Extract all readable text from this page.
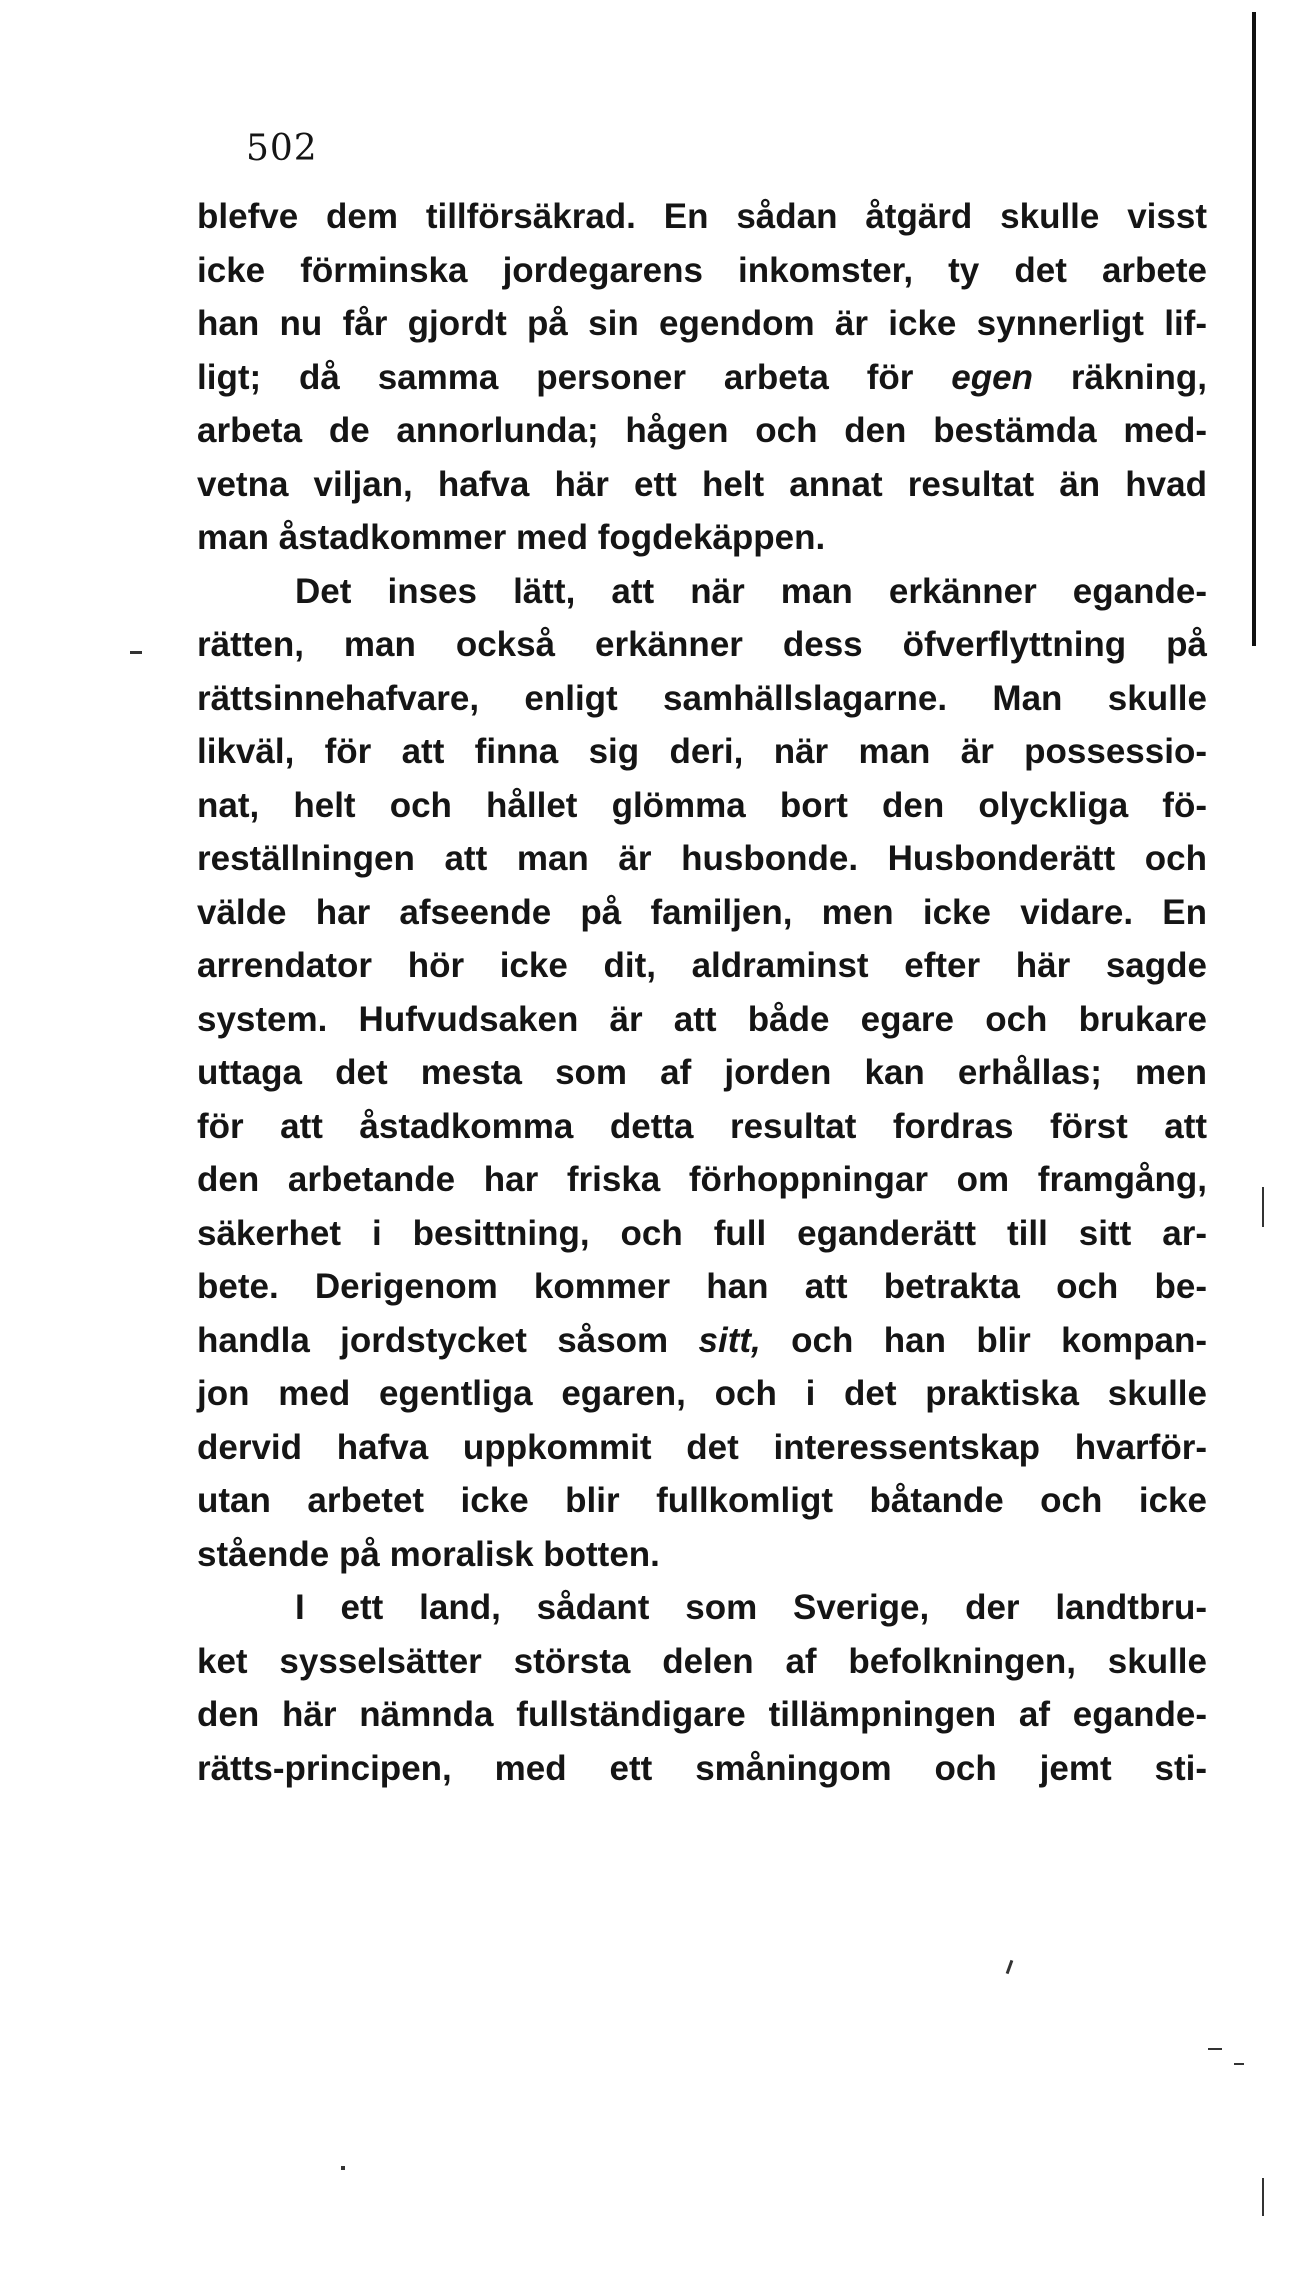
502
blefve dem tillförsäkrad. En sådan åtgärd skulle visst
icke förminska jordegarens inkomster, ty det arbete
han nu får gjordt på sin egendom är icke synnerligt lif-
ligt; då samma personer arbeta för egen räkning,
arbeta de annorlunda; hågen och den bestämda med-
vetna viljan, hafva här ett helt annat resultat än hvad
man åstadkommer med fogdekäppen.
Det inses lätt, att när man erkänner egande-
rätten, man också erkänner dess öfverflyttning på
rättsinnehafvare, enligt samhällslagarne. Man skulle
likväl, för att finna sig deri, när man är possessio-
nat, helt och hållet glömma bort den olyckliga fö-
reställningen att man är husbonde. Husbonderätt och
välde har afseende på familjen, men icke vidare. En
arrendator hör icke dit, aldraminst efter här sagde
system. Hufvudsaken är att både egare och brukare
uttaga det mesta som af jorden kan erhållas; men
för att åstadkomma detta resultat fordras först att
den arbetande har friska förhoppningar om framgång,
säkerhet i besittning, och full eganderätt till sitt ar-
bete. Derigenom kommer han att betrakta och be-
handla jordstycket såsom sitt, och han blir kompan-
jon med egentliga egaren, och i det praktiska skulle
dervid hafva uppkommit det interessentskap hvarför-
utan arbetet icke blir fullkomligt båtande och icke
stående på moralisk botten.
I ett land, sådant som Sverige, der landtbru-
ket sysselsätter största delen af befolkningen, skulle
den här nämnda fullständigare tillämpningen af egande-
rätts-principen, med ett småningom och jemt sti-
